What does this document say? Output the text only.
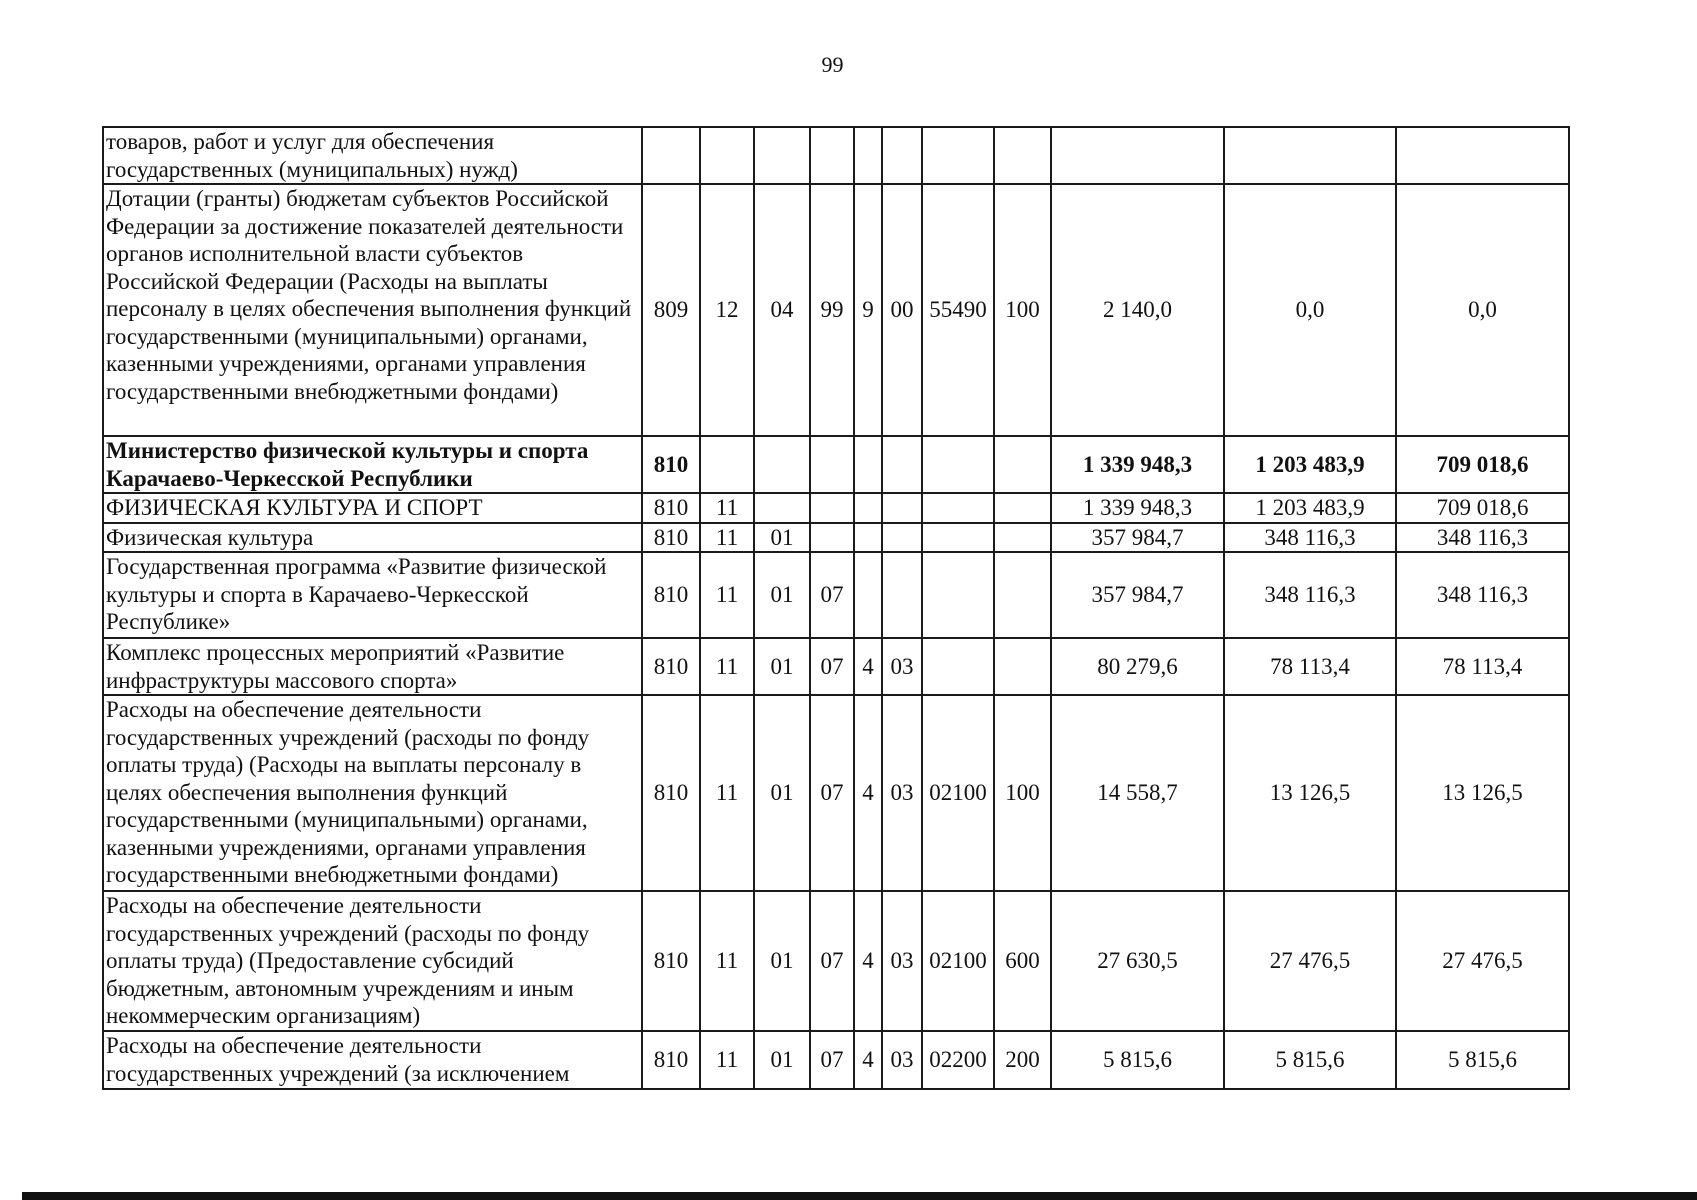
99
товаров, работ и услуг для обеспечения государственных (муниципальных) нужд)											
Дотации (гранты) бюджетам субъектов Российской Федерации за достижение показателей деятельности органов исполнительной власти субъектов Российской Федерации (Расходы на выплаты персоналу в целях обеспечения выполнения функций государственными (муниципальными) органами, казенными учреждениями, органами управления государственными внебюджетными фондами)	809	12	04	99	9	00	55490	100	2 140,0	0,0	0,0
Министерство физической культуры и спорта Карачаево-Черкесской Республики	810								1 339 948,3	1 203 483,9	709 018,6
ФИЗИЧЕСКАЯ КУЛЬТУРА И СПОРТ	810	11							1 339 948,3	1 203 483,9	709 018,6
Физическая культура	810	11	01						357 984,7	348 116,3	348 116,3
Государственная программа «Развитие физической культуры и спорта в Карачаево-Черкесской Республике»	810	11	01	07					357 984,7	348 116,3	348 116,3
Комплекс процессных мероприятий «Развитие инфраструктуры массового спорта»	810	11	01	07	4	03			80 279,6	78 113,4	78 113,4
Расходы на обеспечение деятельности государственных учреждений (расходы по фонду оплаты труда) (Расходы на выплаты персоналу в целях обеспечения выполнения функций государственными (муниципальными) органами, казенными учреждениями, органами управления государственными внебюджетными фондами)	810	11	01	07	4	03	02100	100	14 558,7	13 126,5	13 126,5
Расходы на обеспечение деятельности государственных учреждений (расходы по фонду оплаты труда) (Предоставление субсидий бюджетным, автономным учреждениям и иным некоммерческим организациям)	810	11	01	07	4	03	02100	600	27 630,5	27 476,5	27 476,5
Расходы на обеспечение деятельности государственных учреждений (за исключением	810	11	01	07	4	03	02200	200	5 815,6	5 815,6	5 815,6
